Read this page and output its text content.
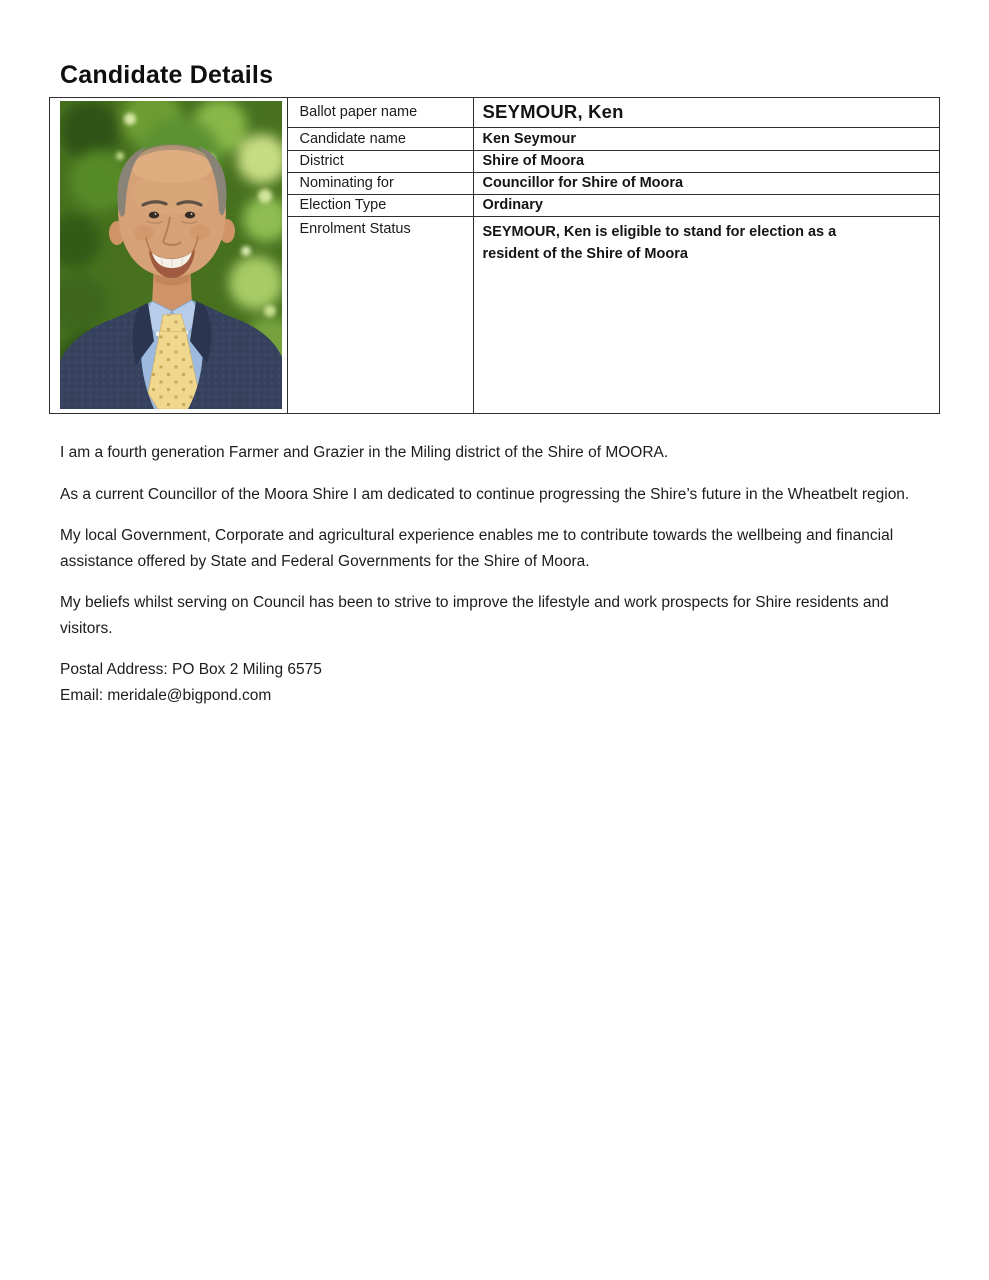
Candidate Details
Ballot paper name	SEYMOUR, Ken
Candidate name	Ken Seymour
District	Shire of Moora
Nominating for	Councillor for Shire of Moora
Election Type	Ordinary
Enrolment Status	SEYMOUR, Ken is eligible to stand for election as a resident of the Shire of Moora

I am a fourth generation Farmer and Grazier in the Miling district of the Shire of MOORA.

As a current Councillor of the Moora Shire I am dedicated to continue progressing the Shire’s future in the Wheatbelt region.

My local Government, Corporate and agricultural experience enables me to contribute towards the wellbeing and financial assistance offered by State and Federal Governments for the Shire of Moora.

My beliefs whilst serving on Council has been to strive to improve the lifestyle and work prospects for Shire residents and visitors.

Postal Address: PO Box 2 Miling 6575
Email: meridale@bigpond.com
